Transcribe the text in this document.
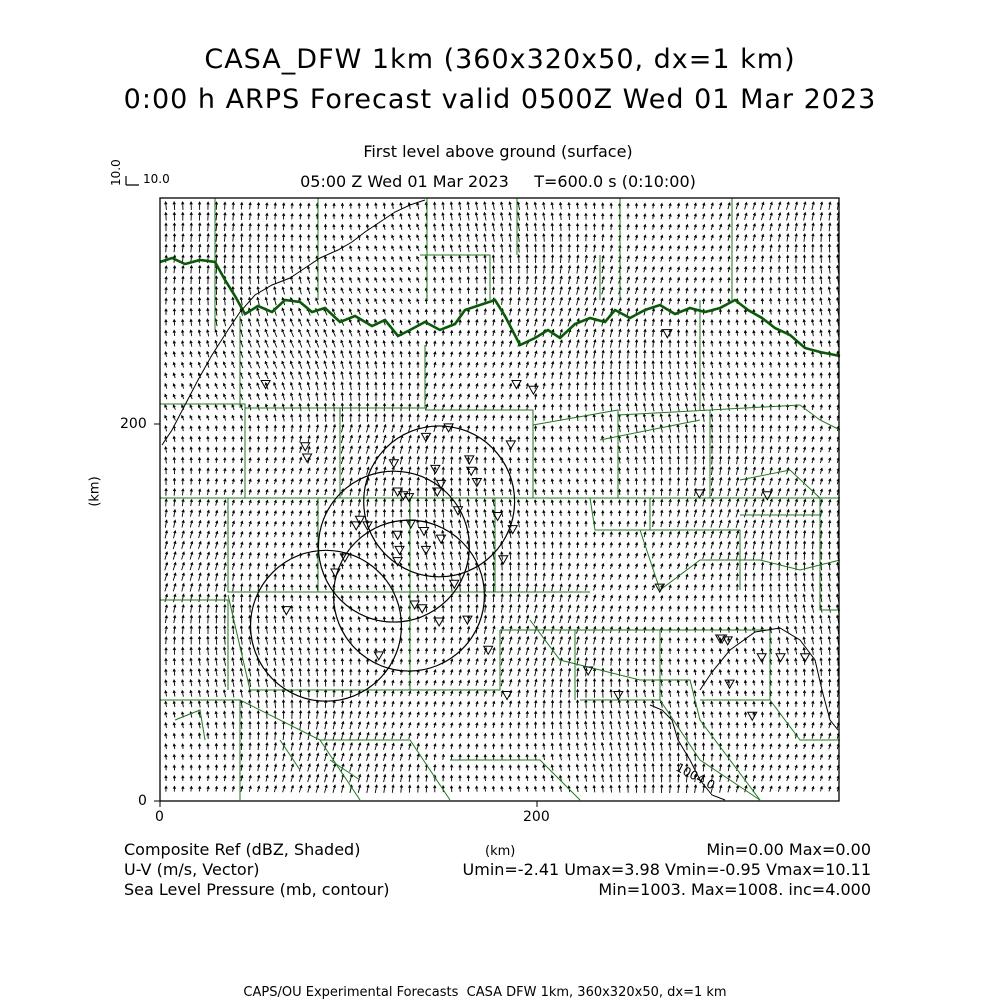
CASA_DFW 1km (360x320x50, dx=1 km)
0:00 h ARPS Forecast valid 0500Z Wed 01 Mar 2023
First level above ground (surface)
05:00 Z Wed 01 Mar 2023     T=600.0 s (0:10:00)
10.0 10.0
200
0
0	200
(km)
(km)
1004.0
Composite Ref (dBZ, Shaded)
U-V (m/s, Vector)
Sea Level Pressure (mb, contour)
Min=0.00 Max=0.00
Umin=-2.41 Umax=3.98 Vmin=-0.95 Vmax=10.11
Min=1003. Max=1008. inc=4.000
CAPS/OU Experimental Forecasts  CASA DFW 1km, 360x320x50, dx=1 km
